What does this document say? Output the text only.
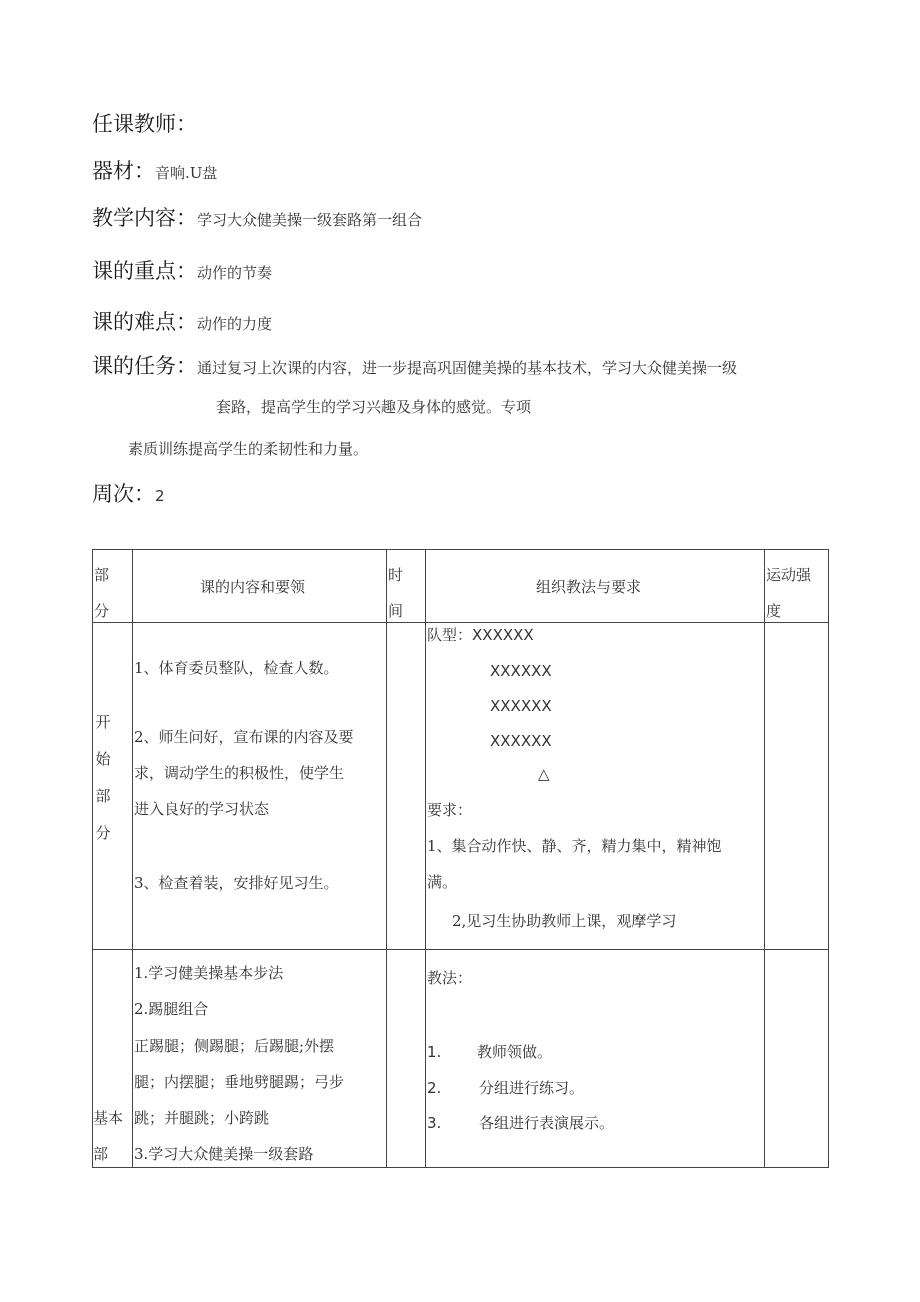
任课教师：
器材：音响.U盘
教学内容：学习大众健美操一级套路第一组合
课的重点：动作的节奏
课的难点：动作的力度
课的任务：通过复习上次课的内容，进一步提高巩固健美操的基本技术，学习大众健美操一级
套路，提高学生的学习兴趣及身体的感觉。专项
素质训练提高学生的柔韧性和力量。
周次：2
部
分
课的内容和要领
时
间
组织教法与要求
运动强
度
开
始
部
分
1、体育委员整队，检查人数。
2、师生问好，宣布课的内容及要
求，调动学生的积极性，使学生
进入良好的学习状态
3、检查着装，安排好见习生。
队型：XXXXXX
XXXXXX
XXXXXX
XXXXXX
△
要求：
1、集合动作快、静、齐，精力集中，精神饱
满。
2,见习生协助教师上课，观摩学习
基本
部
1.学习健美操基本步法
2.踢腿组合
正踢腿；侧踢腿；后踢腿;外摆
腿；内摆腿；垂地劈腿踢；弓步
跳；并腿跳；小跨跳
3.学习大众健美操一级套路
教法：
1. 教师领做。
2.	分组进行练习。
3.	各组进行表演展示。
